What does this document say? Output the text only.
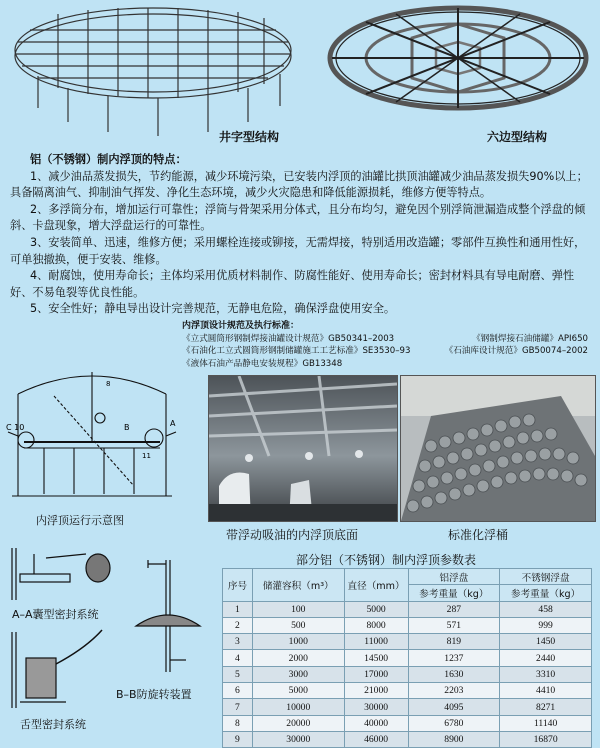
井字型结构	六边型结构

铝（不锈钢）制内浮顶的特点：

1、减少油品蒸发损失，节约能源，减少环境污染，已安装内浮顶的油罐比拱顶油罐减少油品蒸发损失90%以上；具备隔离油气、抑制油气挥发、净化生态环境，减少火灾隐患和降低能源损耗，维修方便等特点。

2、多浮筒分布，增加运行可靠性；浮筒与骨架采用分体式，且分布均匀，避免因个别浮筒泄漏造成整个浮盘的倾斜、卡盘现象，增大浮盘运行的可靠性。

3、安装简单、迅速，维修方便；采用螺栓连接或铆接，无需焊接，特别适用改造罐；零部件互换性和通用性好，可单独撤换，便于安装、维修。

4、耐腐蚀，使用寿命长；主体均采用优质材料制作、防腐性能好、使用寿命长；密封材料具有导电耐磨、弹性好、不易龟裂等优良性能。

5、安全性好；静电导出设计完善规范，无静电危险，确保浮盘使用安全。

内浮顶设计规范及执行标准：
《立式圆筒形钢制焊接油罐设计规范》GB50341–2003	《钢制焊接石油储罐》API650
《石油化工立式圆筒形钢制储罐施工工艺标准》SE3530–93	《石油库设计规范》GB50074–2002
《液体石油产品静电安装规程》GB13348
C 10	B	A
8
11
内浮顶运行示意图
带浮动吸油的内浮顶底面	标准化浮桶
A–A囊型密封系统
B–B防旋转装置
舌型密封系统
部分铝（不锈钢）制内浮顶参数表
序号	储灌容积（m³）	直径（mm）	铝浮盘	不锈钢浮盘
			参考重量（kg）	参考重量（kg）
1	100	5000	287	458
2	500	8000	571	999
3	1000	11000	819	1450
4	2000	14500	1237	2440
5	3000	17000	1630	3310
6	5000	21000	2203	4410
7	10000	30000	4095	8271
8	20000	40000	6780	11140
9	30000	46000	8900	16870
